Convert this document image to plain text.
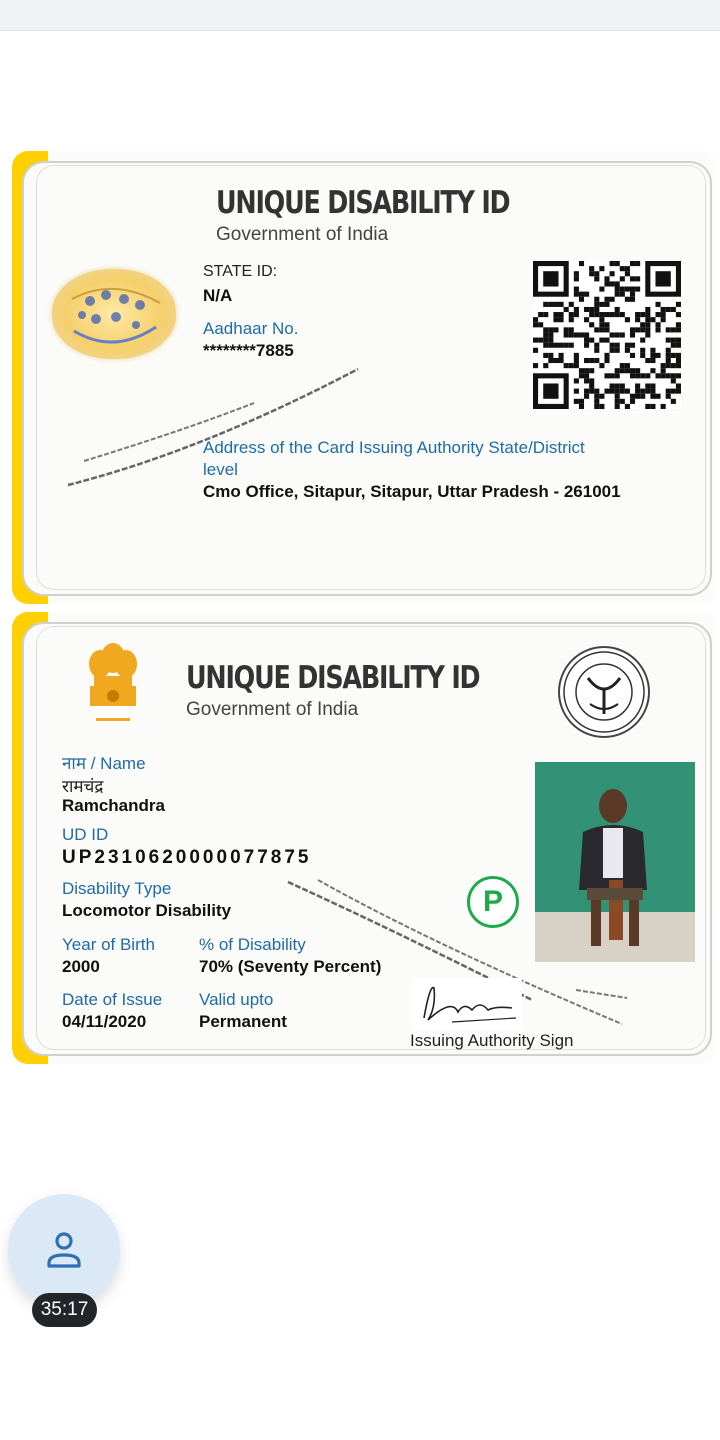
UNIQUE DISABILITY ID
Government of India
STATE ID:
N/A
Aadhaar No.
********7885
Address of the Card Issuing Authority State/District
level
Cmo Office, Sitapur, Sitapur, Uttar Pradesh - 261001
UNIQUE DISABILITY ID
Government of India
नाम / Name
रामचंद्र
Ramchandra
UD ID
UP2310620000077875
Disability Type
Locomotor Disability
Year of Birth
2000
% of Disability
70% (Seventy Percent)
Date of Issue
04/11/2020
Valid upto
Permanent
P
Issuing Authority Sign
35:17
